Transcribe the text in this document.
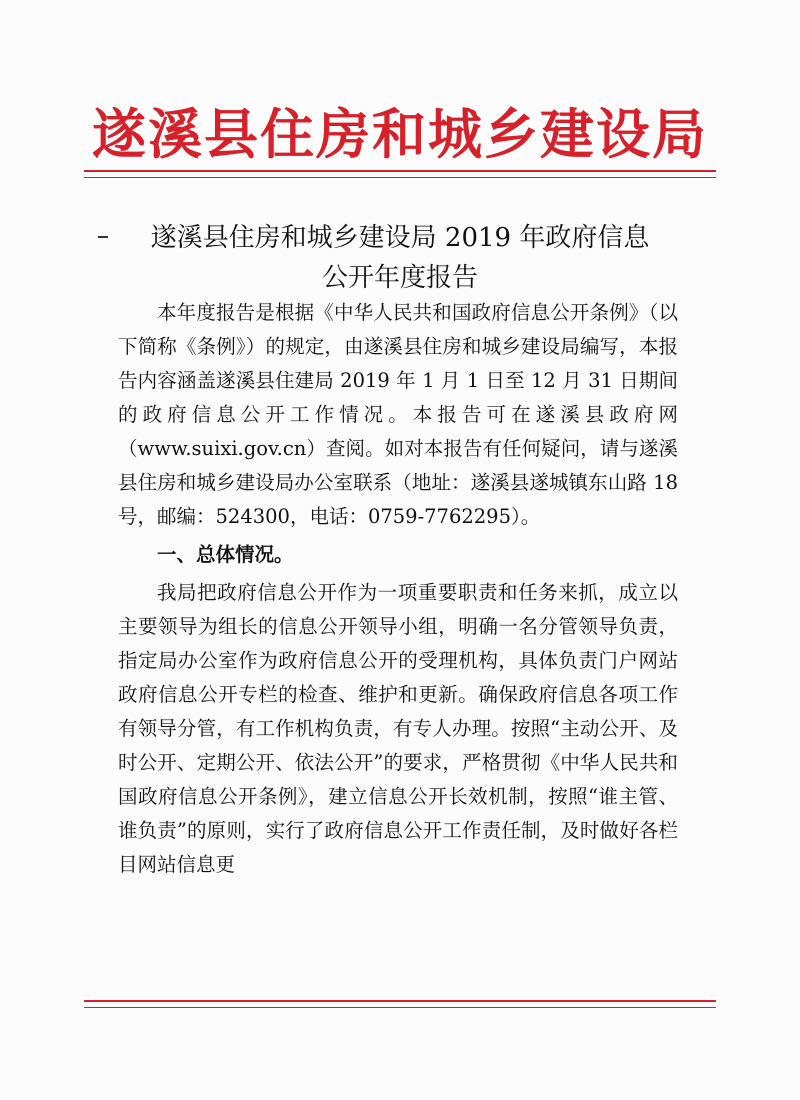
遂溪县住房和城乡建设局
遂溪县住房和城乡建设局 2019 年政府信息
公开年度报告

本年度报告是根据《中华人民共和国政府信息公开条例》（以下简称《条例》）的规定，由遂溪县住房和城乡建设局编写，本报告内容涵盖遂溪县住建局 2019 年 1 月 1 日至 12 月 31 日期间的政府信息公开工作情况。本报告可在遂溪县政府网（www.suixi.gov.cn）查阅。如对本报告有任何疑问，请与遂溪县住房和城乡建设局办公室联系（地址：遂溪县遂城镇东山路 18 号，邮编：524300，电话：0759-7762295）。

一、总体情况。

我局把政府信息公开作为一项重要职责和任务来抓，成立以主要领导为组长的信息公开领导小组，明确一名分管领导负责，指定局办公室作为政府信息公开的受理机构，具体负责门户网站政府信息公开专栏的检查、维护和更新。确保政府信息各项工作有领导分管，有工作机构负责，有专人办理。按照“主动公开、及时公开、定期公开、依法公开”的要求，严格贯彻《中华人民共和国政府信息公开条例》，建立信息公开长效机制，按照“谁主管、谁负责”的原则，实行了政府信息公开工作责任制，及时做好各栏目网站信息更
